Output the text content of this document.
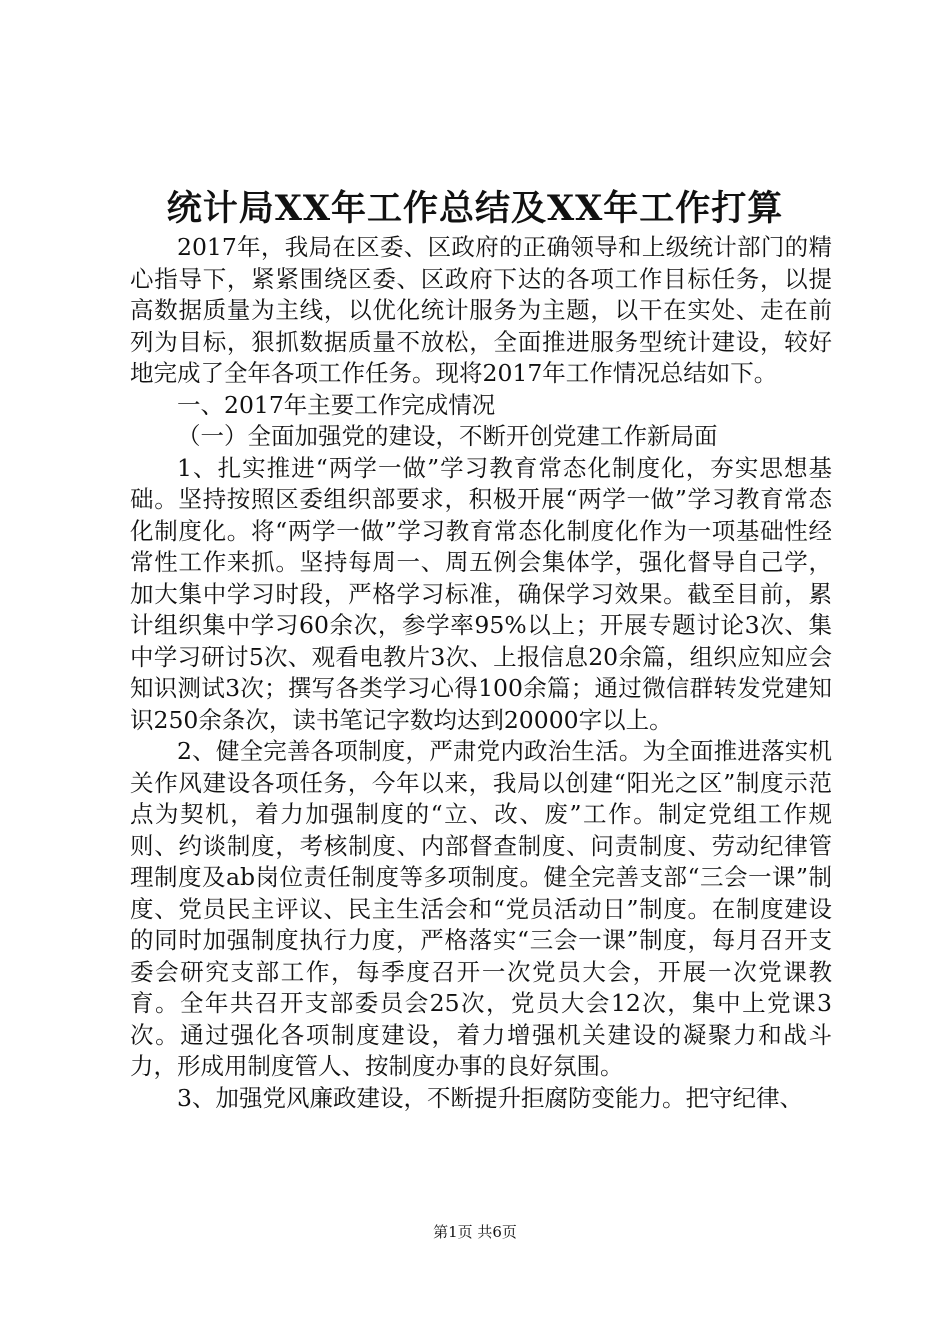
统计局XX年工作总结及XX年工作打算

2017年，我局在区委、区政府的正确领导和上级统计部门的精心指导下，紧紧围绕区委、区政府下达的各项工作目标任务，以提高数据质量为主线，以优化统计服务为主题，以干在实处、走在前列为目标，狠抓数据质量不放松，全面推进服务型统计建设，较好地完成了全年各项工作任务。现将2017年工作情况总结如下。

一、2017年主要工作完成情况

（一）全面加强党的建设，不断开创党建工作新局面

1、扎实推进“两学一做”学习教育常态化制度化，夯实思想基础。坚持按照区委组织部要求，积极开展“两学一做”学习教育常态化制度化。将“两学一做”学习教育常态化制度化作为一项基础性经常性工作来抓。坚持每周一、周五例会集体学，强化督导自己学，加大集中学习时段，严格学习标准，确保学习效果。截至目前，累计组织集中学习60余次，参学率95%以上；开展专题讨论3次、集中学习研讨5次、观看电教片3次、上报信息20余篇，组织应知应会知识测试3次；撰写各类学习心得100余篇；通过微信群转发党建知识250余条次，读书笔记字数均达到20000字以上。

2、健全完善各项制度，严肃党内政治生活。为全面推进落实机关作风建设各项任务，今年以来，我局以创建“阳光之区”制度示范点为契机，着力加强制度的“立、改、废”工作。制定党组工作规则、约谈制度，考核制度、内部督查制度、问责制度、劳动纪律管理制度及ab岗位责任制度等多项制度。健全完善支部“三会一课”制度、党员民主评议、民主生活会和“党员活动日”制度。在制度建设的同时加强制度执行力度，严格落实“三会一课”制度，每月召开支委会研究支部工作，每季度召开一次党员大会，开展一次党课教育。全年共召开支部委员会25次，党员大会12次，集中上党课3次。通过强化各项制度建设，着力增强机关建设的凝聚力和战斗力，形成用制度管人、按制度办事的良好氛围。

3、加强党风廉政建设，不断提升拒腐防变能力。把守纪律、

第1页 共6页
